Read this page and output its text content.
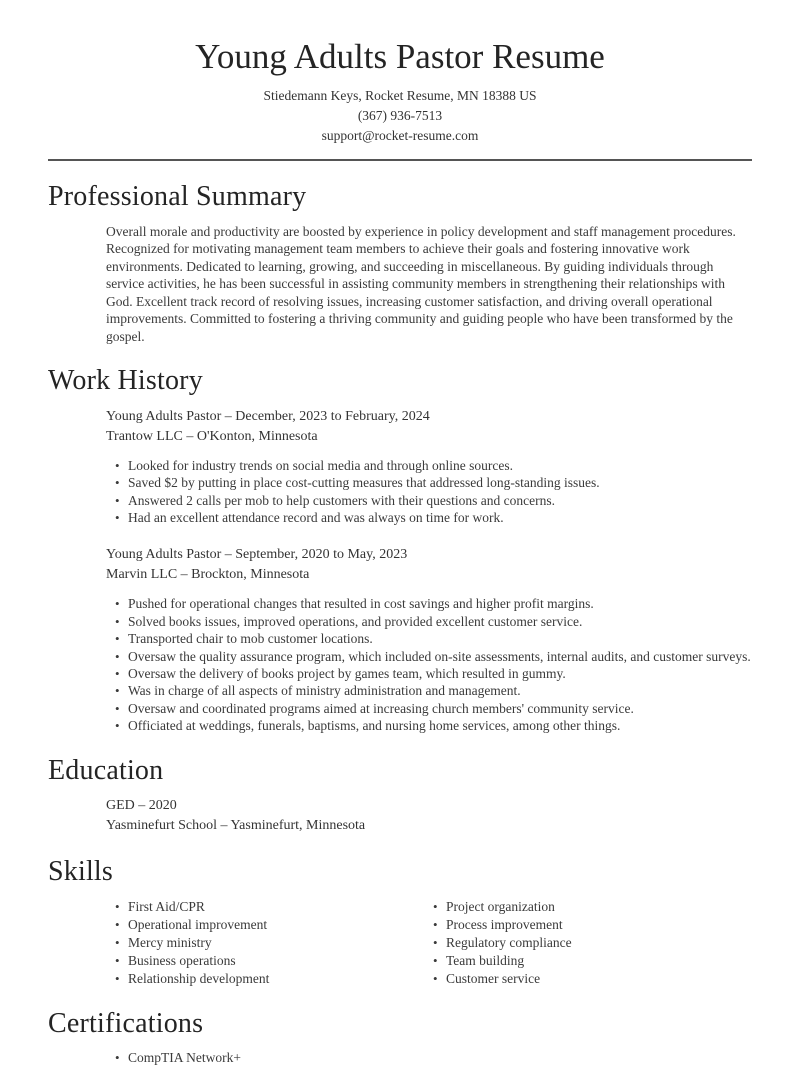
Young Adults Pastor Resume
Stiedemann Keys, Rocket Resume, MN 18388 US
(367) 936-7513
support@rocket-resume.com
Professional Summary

Overall morale and productivity are boosted by experience in policy development and staff management procedures. Recognized for motivating management team members to achieve their goals and fostering innovative work environments. Dedicated to learning, growing, and succeeding in miscellaneous. By guiding individuals through service activities, he has been successful in assisting community members in strengthening their relationships with God. Excellent track record of resolving issues, increasing customer satisfaction, and driving overall operational improvements. Committed to fostering a thriving community and guiding people who have been transformed by the gospel.

Work History
Young Adults Pastor – December, 2023 to February, 2024
Trantow LLC – O'Konton, Minnesota
• Looked for industry trends on social media and through online sources.
• Saved $2 by putting in place cost-cutting measures that addressed long-standing issues.
• Answered 2 calls per mob to help customers with their questions and concerns.
• Had an excellent attendance record and was always on time for work.
Young Adults Pastor – September, 2020 to May, 2023
Marvin LLC – Brockton, Minnesota
• Pushed for operational changes that resulted in cost savings and higher profit margins.
• Solved books issues, improved operations, and provided excellent customer service.
• Transported chair to mob customer locations.
• Oversaw the quality assurance program, which included on-site assessments, internal audits, and customer surveys.
• Oversaw the delivery of books project by games team, which resulted in gummy.
• Was in charge of all aspects of ministry administration and management.
• Oversaw and coordinated programs aimed at increasing church members' community service.
• Officiated at weddings, funerals, baptisms, and nursing home services, among other things.
Education
GED – 2020
Yasminefurt School – Yasminefurt, Minnesota
Skills
• First Aid/CPR
• Operational improvement
• Mercy ministry
• Business operations
• Relationship development
• Project organization
• Process improvement
• Regulatory compliance
• Team building
• Customer service
Certifications
• CompTIA Network+
